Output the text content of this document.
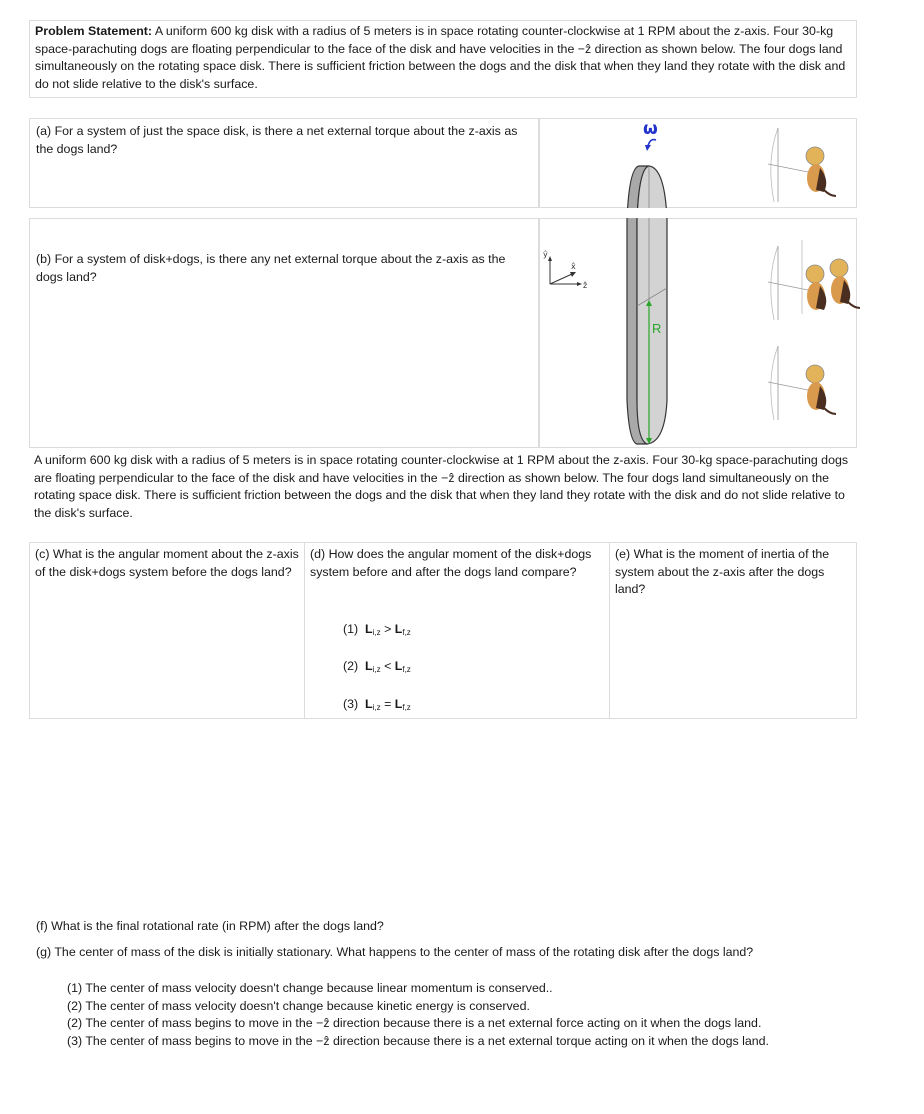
Problem Statement: A uniform 600 kg disk with a radius of 5 meters is in space rotating counter-clockwise at 1 RPM about the z-axis. Four 30-kg space-parachuting dogs are floating perpendicular to the face of the disk and have velocities in the −ẑ direction as shown below. The four dogs land simultaneously on the rotating space disk. There is sufficient friction between the dogs and the disk that when they land they rotate with the disk and do not slide relative to the disk's surface.
(a) For a system of just the space disk, is there a net external torque about the z-axis as the dogs land?
(b) For a system of disk+dogs, is there any net external torque about the z-axis as the dogs land?
ŷ
x̂
ẑ
ω
R
A uniform 600 kg disk with a radius of 5 meters is in space rotating counter-clockwise at 1 RPM about the z-axis. Four 30-kg space-parachuting dogs are floating perpendicular to the face of the disk and have velocities in the −ẑ direction as shown below. The four dogs land simultaneously on the rotating space disk. There is sufficient friction between the dogs and the disk that when they land they rotate with the disk and do not slide relative to the disk's surface.
(c) What is the angular moment about the z-axis of the disk+dogs system before the dogs land?
(d) How does the angular moment of the disk+dogs system before and after the dogs land compare?
(1) Li,z > Lf,z
(2) Li,z < Lf,z
(3) Li,z = Lf,z
(e) What is the moment of inertia of the system about the z-axis after the dogs land?
(f) What is the final rotational rate (in RPM) after the dogs land?
(g) The center of mass of the disk is initially stationary. What happens to the center of mass of the rotating disk after the dogs land?
(1) The center of mass velocity doesn't change because linear momentum is conserved..
(2) The center of mass velocity doesn't change because kinetic energy is conserved.
(2) The center of mass begins to move in the −ẑ direction because there is a net external force acting on it when the dogs land.
(3) The center of mass begins to move in the −ẑ direction because there is a net external torque acting on it when the dogs land.
